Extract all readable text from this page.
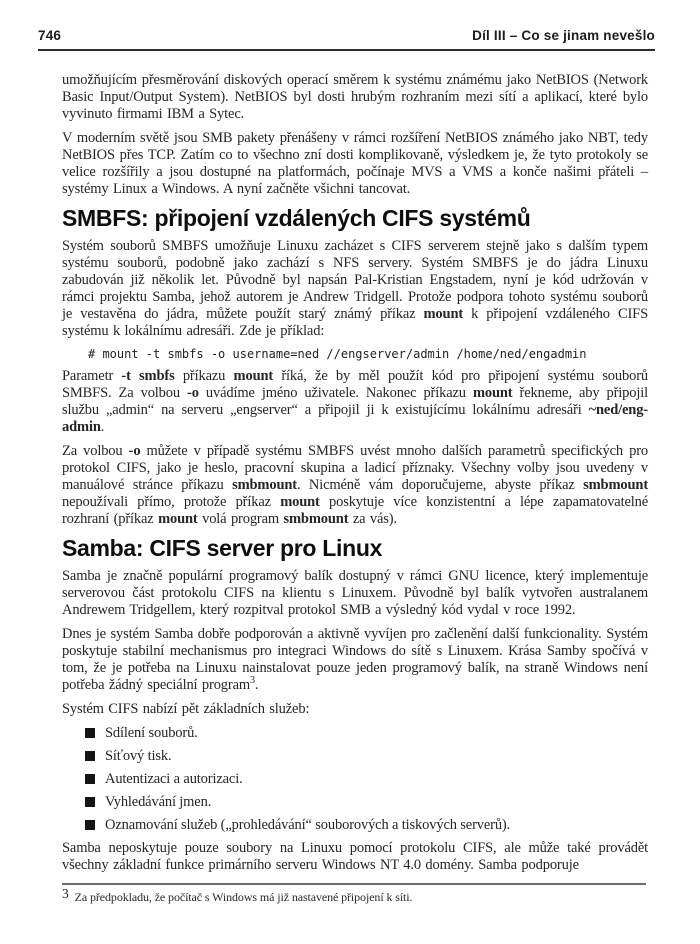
746	Díl III – Co se jinam nevešlo

umožňujícím přesměrování diskových operací směrem k systému známému jako NetBIOS (Network Basic Input/Output System). NetBIOS byl dosti hrubým rozhraním mezi sítí a aplikací, které bylo vyvinuto firmami IBM a Sytec.

V moderním světě jsou SMB pakety přenášeny v rámci rozšíření NetBIOS známého jako NBT, tedy NetBIOS přes TCP. Zatím co to všechno zní dosti komplikovaně, výsledkem je, že tyto protokoly se velice rozšířily a jsou dostupné na platformách, počínaje MVS a VMS a konče našimi přáteli – systémy Linux a Windows. A nyní začněte všichni tancovat.

SMBFS: připojení vzdálených CIFS systémů

Systém souborů SMBFS umožňuje Linuxu zacházet s CIFS serverem stejně jako s dalším typem systému souborů, podobně jako zachází s NFS servery. Systém SMBFS je do jádra Linuxu zabudován již několik let. Původně byl napsán Pal-Kristian Engstadem, nyní je kód udržován v rámci projektu Samba, jehož autorem je Andrew Tridgell. Protože podpora tohoto systému souborů je vestavěna do jádra, můžete použít starý známý příkaz mount k připojení vzdáleného CIFS systému k lokálnímu adresáři. Zde je příklad:

# mount -t smbfs -o username=ned //engserver/admin /home/ned/engadmin

Parametr -t smbfs příkazu mount říká, že by měl použít kód pro připojení systému souborů SMBFS. Za volbou -o uvádíme jméno uživatele. Nakonec příkazu mount řekneme, aby připojil službu „admin“ na serveru „engserver“ a připojil ji k existujícímu lokálnímu adresáři ~ned/eng-admin.

Za volbou -o můžete v případě systému SMBFS uvést mnoho dalších parametrů specifických pro protokol CIFS, jako je heslo, pracovní skupina a ladicí příznaky. Všechny volby jsou uvedeny v manuálové stránce příkazu smbmount. Nicméně vám doporučujeme, abyste příkaz smbmount nepoužívali přímo, protože příkaz mount poskytuje více konzistentní a lépe zapamatovatelné rozhraní (příkaz mount volá program smbmount za vás).

Samba: CIFS server pro Linux

Samba je značně populární programový balík dostupný v rámci GNU licence, který implementuje serverovou část protokolu CIFS na klientu s Linuxem. Původně byl balík vytvořen australanem Andrewem Tridgellem, který rozpitval protokol SMB a výsledný kód vydal v roce 1992.

Dnes je systém Samba dobře podporován a aktivně vyvíjen pro začlenění další funkcionality. Systém poskytuje stabilní mechanismus pro integraci Windows do sítě s Linuxem. Krása Samby spočívá v tom, že je potřeba na Linuxu nainstalovat pouze jeden programový balík, na straně Windows není potřeba žádný speciální program$^3$.

Systém CIFS nabízí pět základních služeb:

Sdílení souborů.
Síťový tisk.
Autentizaci a autorizaci.
Vyhledávání jmen.
Oznamování služeb („prohledávání“ souborových a tiskových serverů).

Samba neposkytuje pouze soubory na Linuxu pomocí protokolu CIFS, ale může také provádět všechny základní funkce primárního serveru Windows NT 4.0 domény. Samba podporuje

3 Za předpokladu, že počítač s Windows má již nastavené připojení k síti.
